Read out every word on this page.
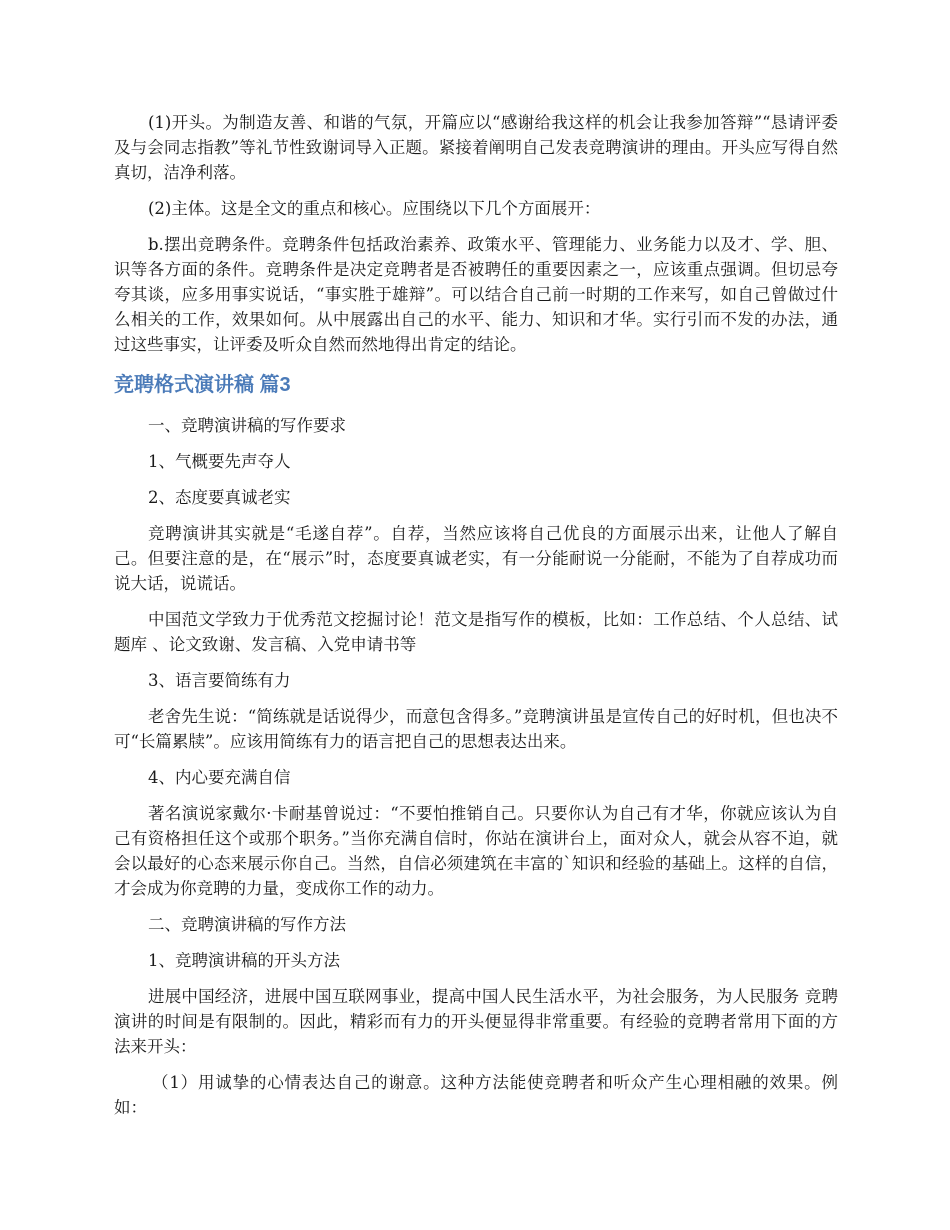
(1)开头。为制造友善、和谐的气氛，开篇应以“感谢给我这样的机会让我参加答辩”“恳请评委及与会同志指教”等礼节性致谢词导入正题。紧接着阐明自己发表竞聘演讲的理由。开头应写得自然真切，洁净利落。

(2)主体。这是全文的重点和核心。应围绕以下几个方面展开：

b.摆出竞聘条件。竞聘条件包括政治素养、政策水平、管理能力、业务能力以及才、学、胆、识等各方面的条件。竞聘条件是决定竞聘者是否被聘任的重要因素之一，应该重点强调。但切忌夸夸其谈，应多用事实说话，“事实胜于雄辩”。可以结合自己前一时期的工作来写，如自己曾做过什么相关的工作，效果如何。从中展露出自己的水平、能力、知识和才华。实行引而不发的办法，通过这些事实，让评委及听众自然而然地得出肯定的结论。

竞聘格式演讲稿 篇3

一、竞聘演讲稿的写作要求

1、气概要先声夺人

2、态度要真诚老实

竞聘演讲其实就是“毛遂自荐”。自荐，当然应该将自己优良的方面展示出来，让他人了解自己。但要注意的是，在“展示”时，态度要真诚老实，有一分能耐说一分能耐，不能为了自荐成功而说大话，说谎话。

中国范文学致力于优秀范文挖掘讨论！范文是指写作的模板，比如：工作总结、个人总结、试题库 、论文致谢、发言稿、入党申请书等

3、语言要简练有力

老舍先生说：“简练就是话说得少，而意包含得多。”竞聘演讲虽是宣传自己的好时机，但也决不可“长篇累牍”。应该用简练有力的语言把自己的思想表达出来。

4、内心要充满自信

著名演说家戴尔·卡耐基曾说过：“不要怕推销自己。只要你认为自己有才华，你就应该认为自己有资格担任这个或那个职务。”当你充满自信时，你站在演讲台上，面对众人，就会从容不迫，就会以最好的心态来展示你自己。当然，自信必须建筑在丰富的`知识和经验的基础上。这样的自信，才会成为你竞聘的力量，变成你工作的动力。

二、竞聘演讲稿的写作方法

1、竞聘演讲稿的开头方法

进展中国经济，进展中国互联网事业，提高中国人民生活水平，为社会服务，为人民服务 竞聘演讲的时间是有限制的。因此，精彩而有力的开头便显得非常重要。有经验的竞聘者常用下面的方法来开头：

（1）用诚挚的心情表达自己的谢意。这种方法能使竞聘者和听众产生心理相融的效果。例如：
